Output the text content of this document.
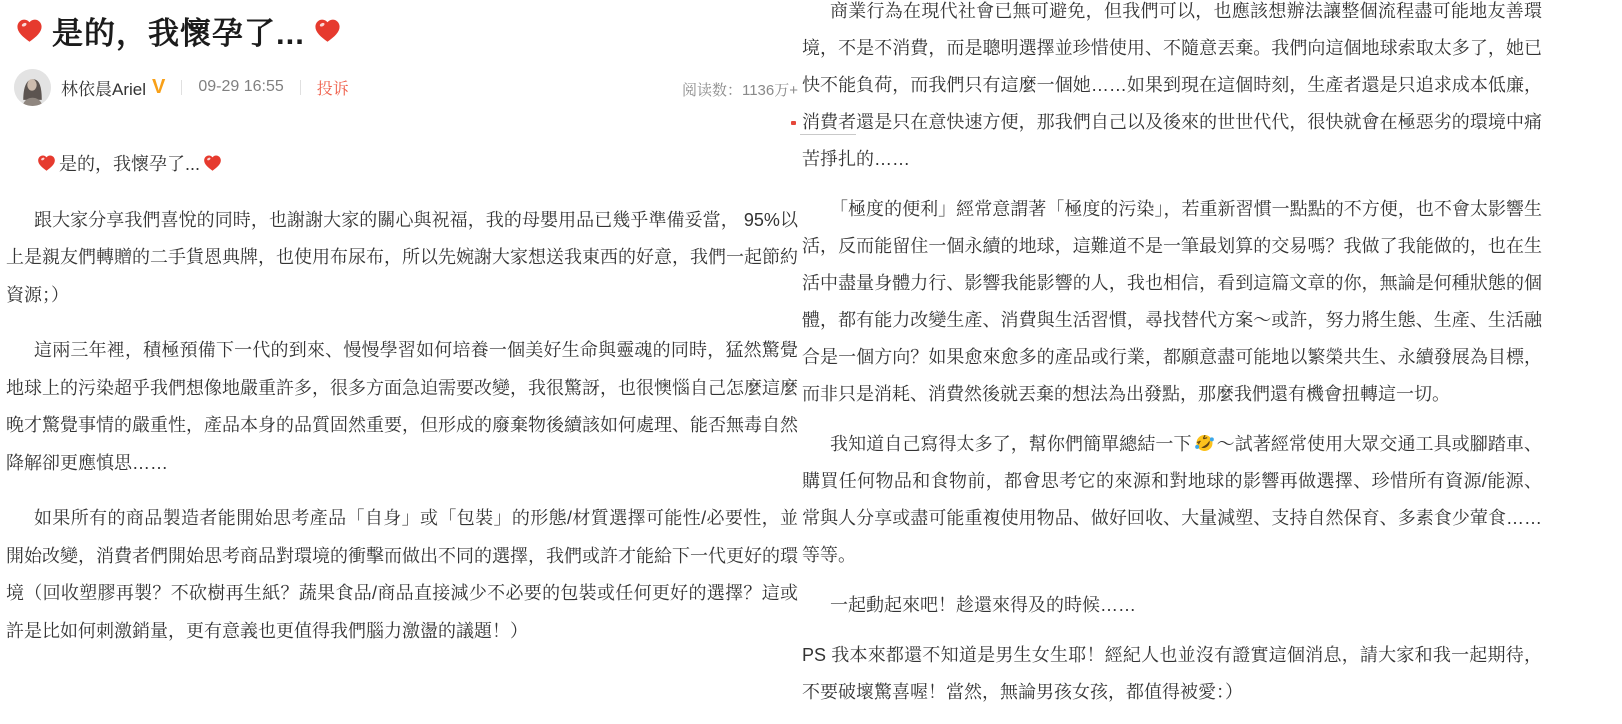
是的，我懷孕了...
林依晨Ariel V 09-29 16:55 投诉	阅读数：1136万+

是的，我懷孕了...

跟大家分享我們喜悅的同時，也謝謝大家的關心與祝福，我的母嬰用品已幾乎準備妥當， 95%以上是親友們轉贈的二手貨恩典牌，也使用布尿布，所以先婉謝大家想送我東西的好意，我們一起節約資源；）

這兩三年裡，積極預備下一代的到來、慢慢學習如何培養一個美好生命與靈魂的同時，猛然驚覺地球上的污染超乎我們想像地嚴重許多，很多方面急迫需要改變，我很驚訝，也很懊惱自己怎麼這麼晚才驚覺事情的嚴重性，產品本身的品質固然重要，但形成的廢棄物後續該如何處理、能否無毒自然降解卻更應慎思……

如果所有的商品製造者能開始思考產品「自身」或「包裝」的形態/材質選擇可能性/必要性，並開始改變，消費者們開始思考商品對環境的衝擊而做出不同的選擇，我們或許才能給下一代更好的環境（回收塑膠再製？不砍樹再生紙？蔬果食品/商品直接減少不必要的包裝或任何更好的選擇？這或許是比如何刺激銷量，更有意義也更值得我們腦力激盪的議題！）

商業行為在現代社會已無可避免，但我們可以，也應該想辦法讓整個流程盡可能地友善環境，不是不消費，而是聰明選擇並珍惜使用、不隨意丟棄。我們向這個地球索取太多了，她已快不能負荷，而我們只有這麼一個她……如果到現在這個時刻，生產者還是只追求成本低廉，消費者還是只在意快速方便，那我們自己以及後來的世世代代，很快就會在極惡劣的環境中痛苦掙扎的……

「極度的便利」經常意謂著「極度的污染」，若重新習慣一點點的不方便，也不會太影響生活，反而能留住一個永續的地球，這難道不是一筆最划算的交易嗎？我做了我能做的，也在生活中盡量身體力行、影響我能影響的人，我也相信，看到這篇文章的你，無論是何種狀態的個體，都有能力改變生產、消費與生活習慣，尋找替代方案～或許，努力將生態、生產、生活融合是一個方向？如果愈來愈多的產品或行業，都願意盡可能地以繁榮共生、永續發展為目標，而非只是消耗、消費然後就丟棄的想法為出發點，那麼我們還有機會扭轉這一切。

我知道自己寫得太多了，幫你們簡單總結一下 ～試著經常使用大眾交通工具或腳踏車、購買任何物品和食物前，都會思考它的來源和對地球的影響再做選擇、珍惜所有資源/能源、常與人分享或盡可能重複使用物品、做好回收、大量減塑、支持自然保育、多素食少葷食……等等。

一起動起來吧！趁還來得及的時候……

PS 我本來都還不知道是男生女生耶！經紀人也並沒有證實這個消息，請大家和我一起期待，不要破壞驚喜喔！當然，無論男孩女孩，都值得被愛：）
